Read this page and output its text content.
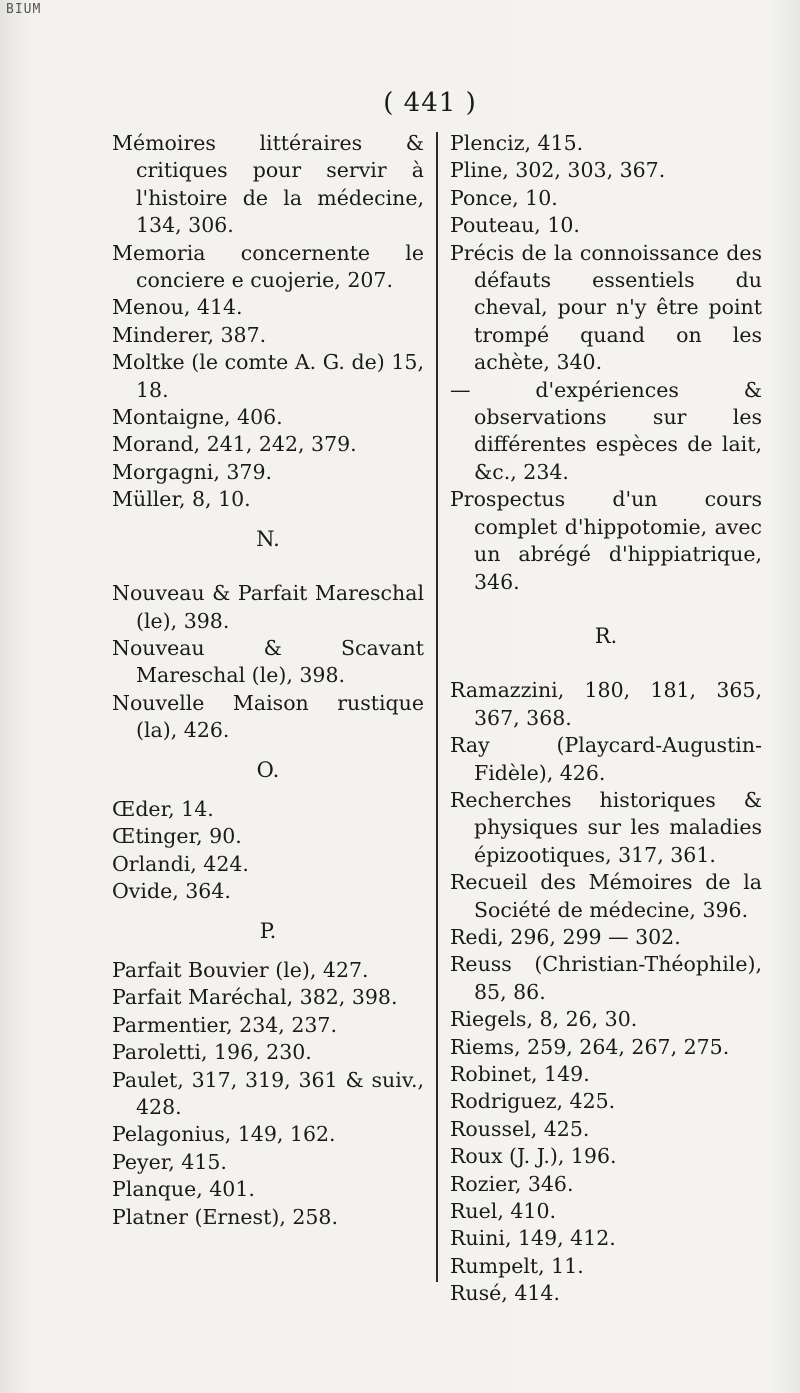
BIUM
( 441 )

Mémoires littéraires & critiques pour servir à l'histoire de la médecine, 134, 306.

Memoria concernente le conciere e cuojerie, 207.

Menou, 414.

Minderer, 387.

Moltke (le comte A. G. de) 15, 18.

Montaigne, 406.

Morand, 241, 242, 379.

Morgagni, 379.

Müller, 8, 10.

N.

Nouveau & Parfait Mareschal (le), 398.

Nouveau & Scavant Mareschal (le), 398.

Nouvelle Maison rustique (la), 426.

O.

Œder, 14.

Œtinger, 90.

Orlandi, 424.

Ovide, 364.

P.

Parfait Bouvier (le), 427.

Parfait Maréchal, 382, 398.

Parmentier, 234, 237.

Paroletti, 196, 230.

Paulet, 317, 319, 361 & suiv., 428.

Pelagonius, 149, 162.

Peyer, 415.

Planque, 401.

Platner (Ernest), 258.

Plenciz, 415.

Pline, 302, 303, 367.

Ponce, 10.

Pouteau, 10.

Précis de la connoissance des défauts essentiels du cheval, pour n'y être point trompé quand on les achète, 340.

— d'expériences & observations sur les différentes espèces de lait, &c., 234.

Prospectus d'un cours complet d'hippotomie, avec un abrégé d'hippiatrique, 346.

R.

Ramazzini, 180, 181, 365, 367, 368.

Ray (Playcard-Augustin-Fidèle), 426.

Recherches historiques & physiques sur les maladies épizootiques, 317, 361.

Recueil des Mémoires de la Société de médecine, 396.

Redi, 296, 299 — 302.

Reuss (Christian-Théophile), 85, 86.

Riegels, 8, 26, 30.

Riems, 259, 264, 267, 275.

Robinet, 149.

Rodriguez, 425.

Roussel, 425.

Roux (J. J.), 196.

Rozier, 346.

Ruel, 410.

Ruini, 149, 412.

Rumpelt, 11.

Rusé, 414.
